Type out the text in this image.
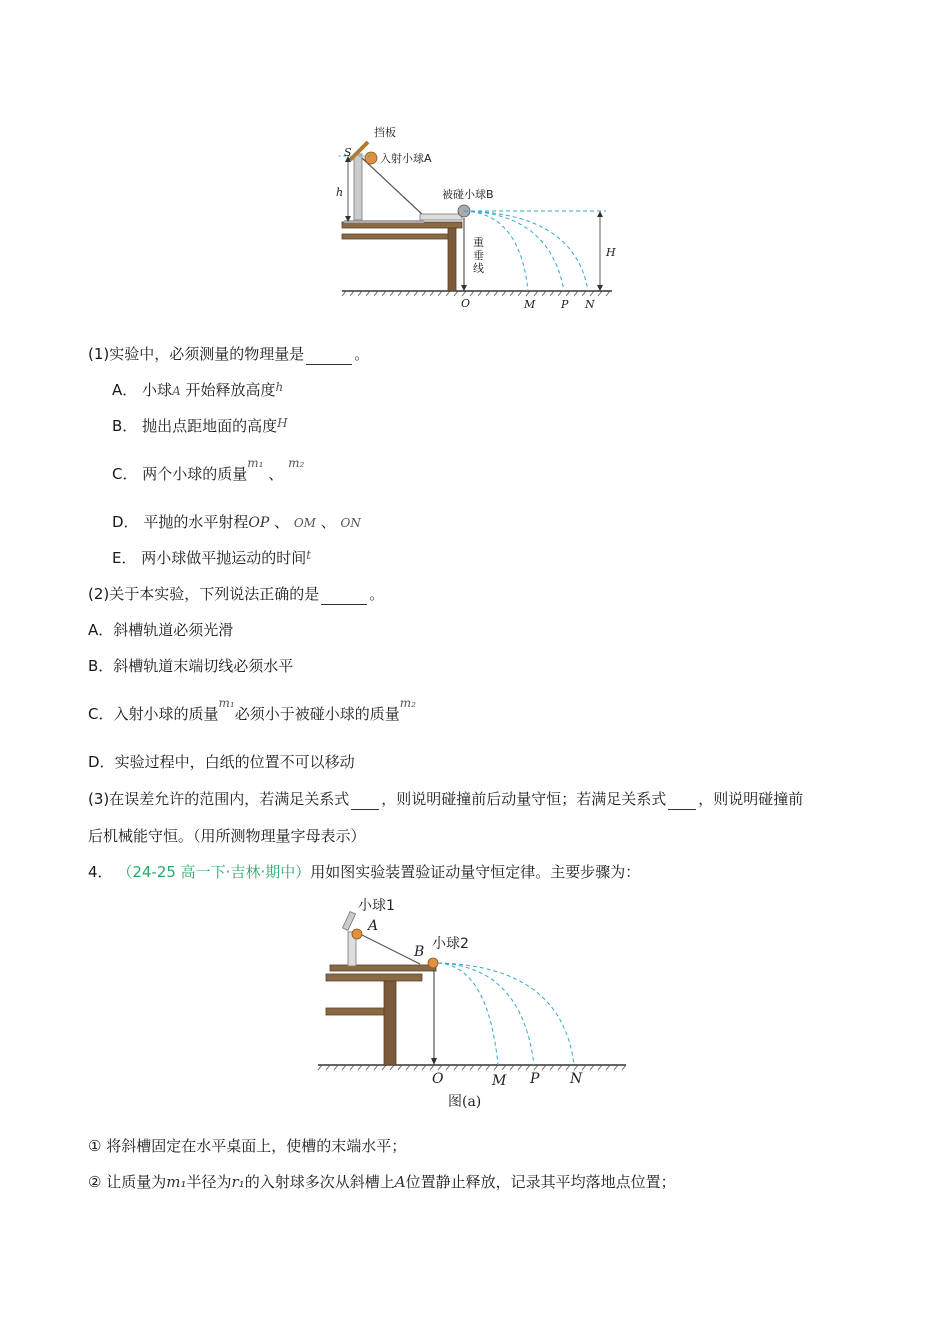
挡板
入射小球A
被碰小球B
S
h
H
重
垂
线
O	M P N
(1)实验中，必须测量的物理量是	。
A． 小球A 开始释放高度$^h$
B． 抛出点距地面的高度$^H$
C． 两个小球的质量$^{m_1}$ 、 $^{m_2}$
D． 平抛的水平射程OP 、 OM 、 ON
E． 两小球做平抛运动的时间$^t$
(2)关于本实验，下列说法正确的是	。
A．斜槽轨道必须光滑
B．斜槽轨道末端切线必须水平
C．入射小球的质量$^{m_1}$必须小于被碰小球的质量$^{m_2}$
D．实验过程中，白纸的位置不可以移动
(3)在误差允许的范围内，若满足关系式 ，则说明碰撞前后动量守恒；若满足关系式 ，则说明碰撞前
后机械能守恒。（用所测物理量字母表示）
4． （24-25 高一下·吉林·期中）用如图实验装置验证动量守恒定律。主要步骤为：
小球1
小球2
A
B
O	M P N
图(a)
① 将斜槽固定在水平桌面上，使槽的末端水平；
② 让质量为m₁半径为r₁的入射球多次从斜槽上A位置静止释放，记录其平均落地点位置；
